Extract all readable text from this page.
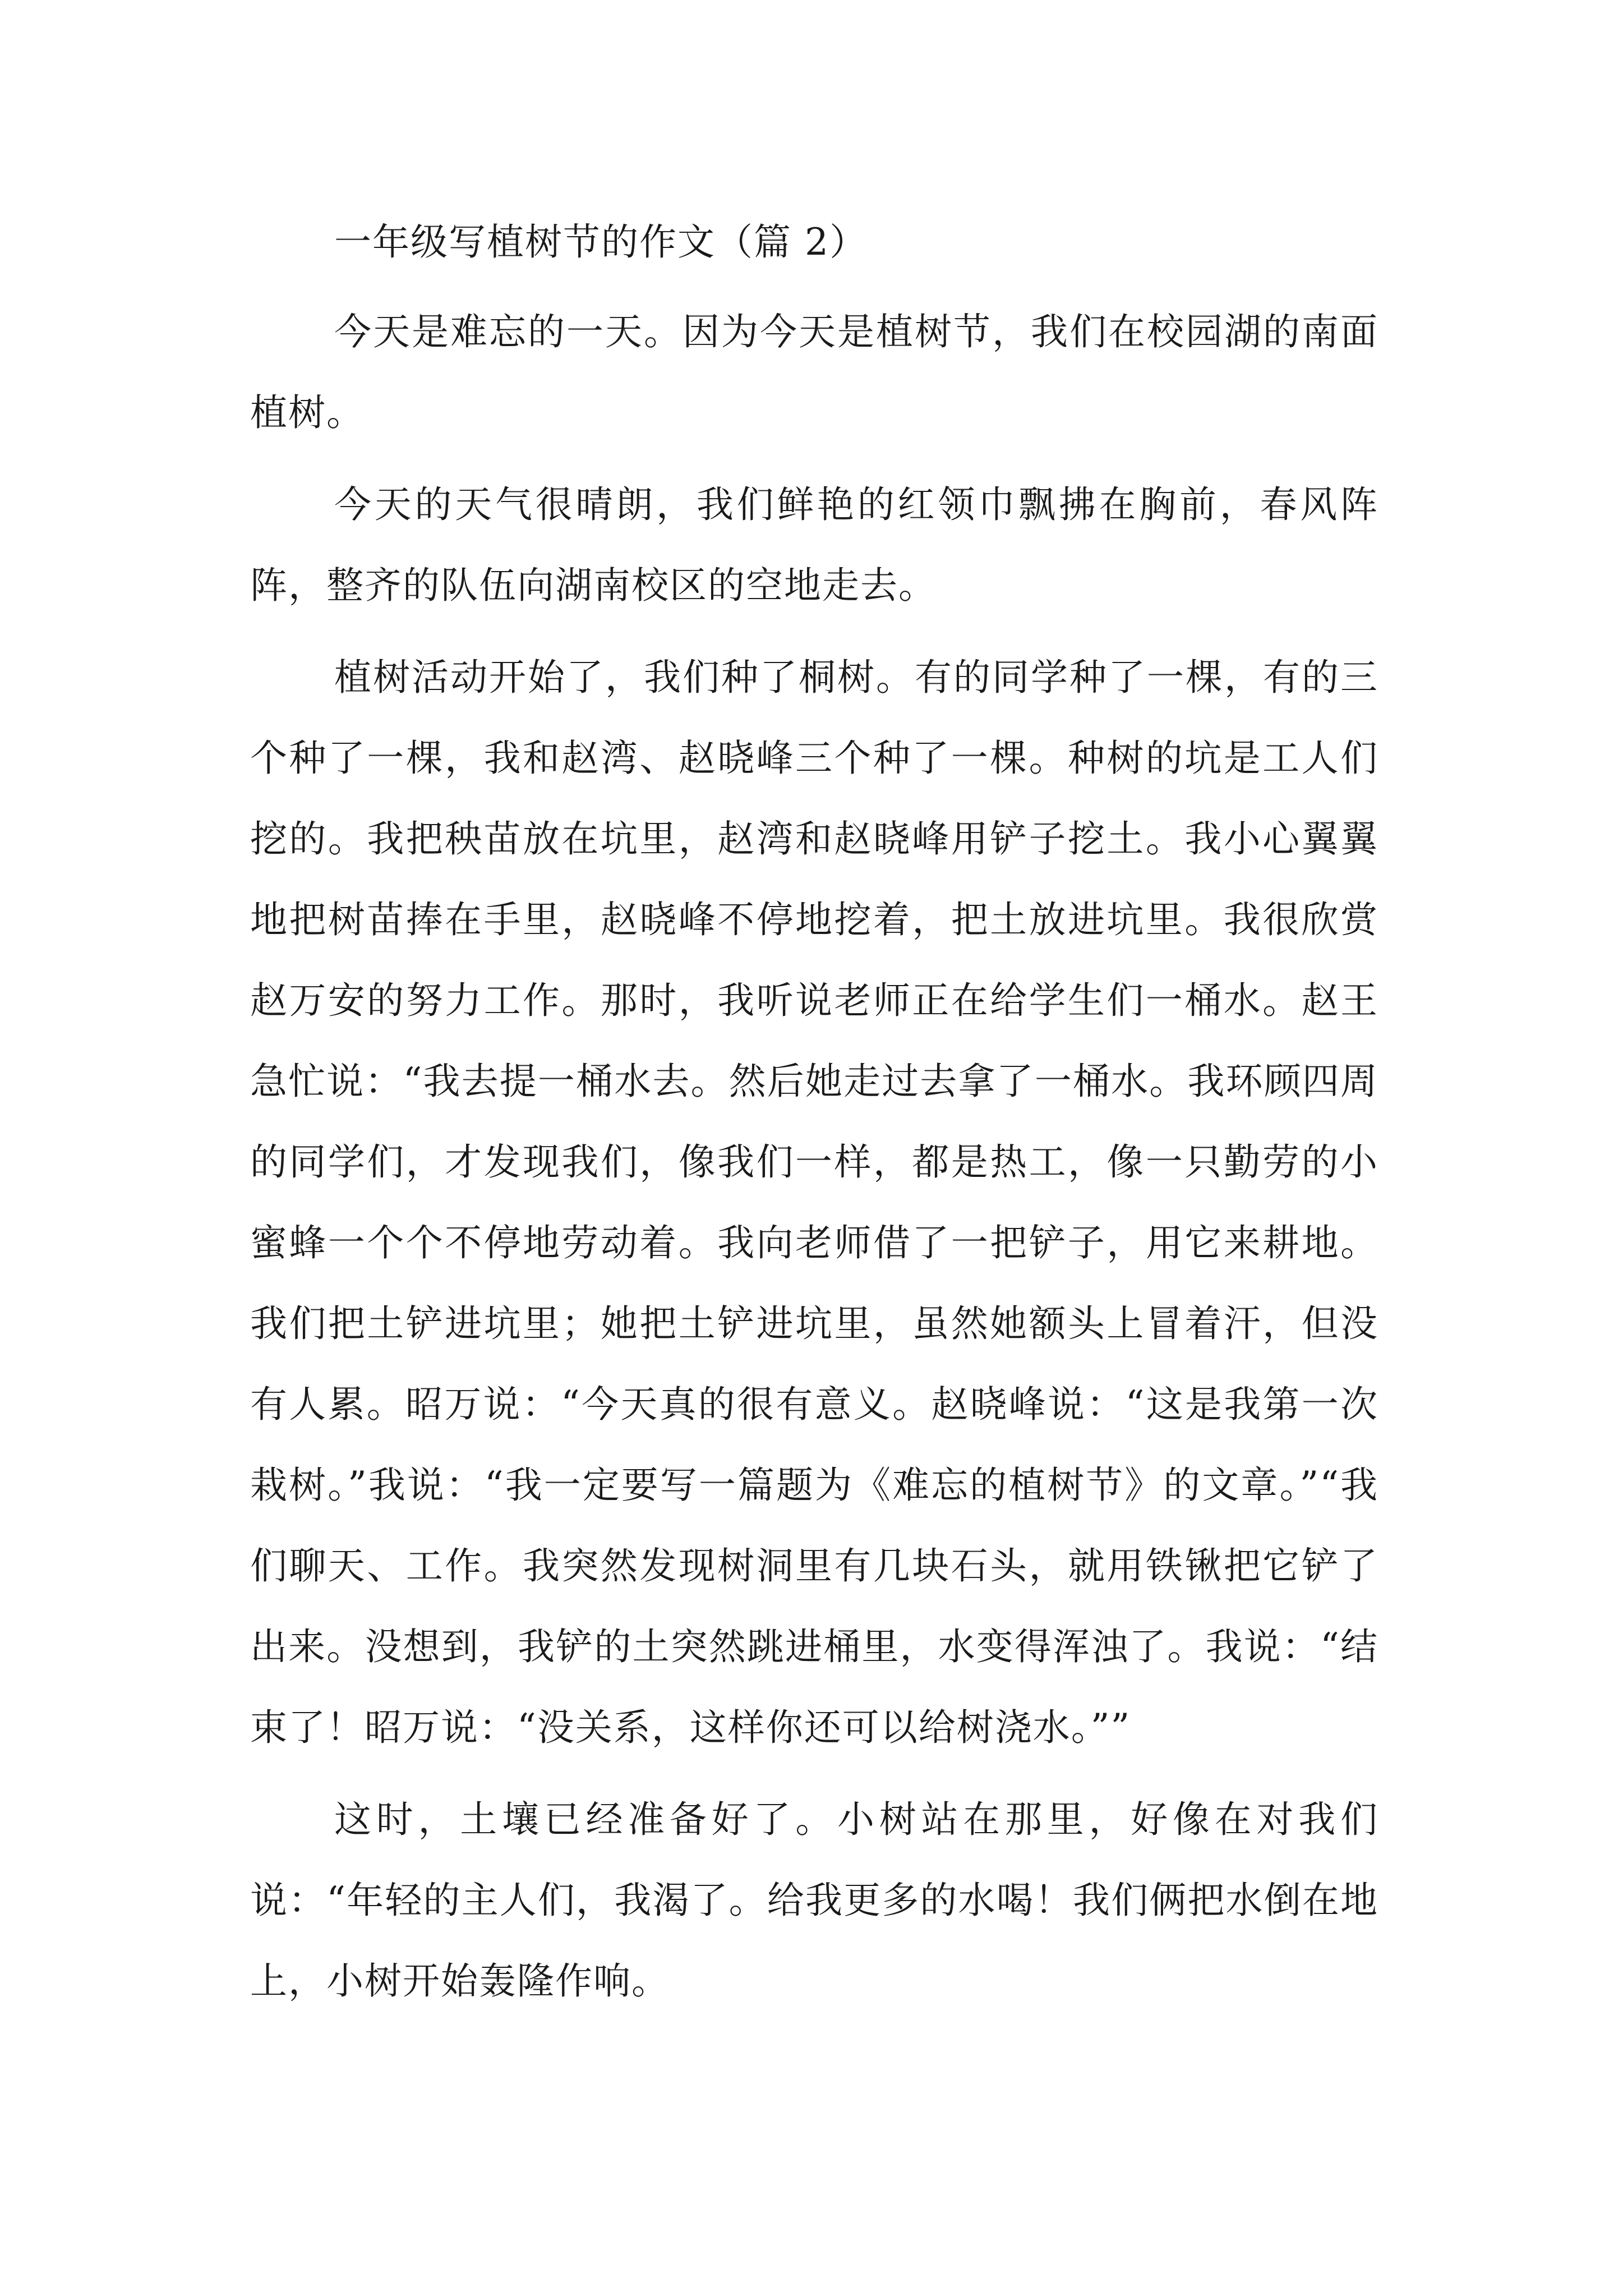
一年级写植树节的作文（篇 2）

今天是难忘的一天。因为今天是植树节，我们在校园湖的南面植树。

今天的天气很晴朗，我们鲜艳的红领巾飘拂在胸前，春风阵阵，整齐的队伍向湖南校区的空地走去。

植树活动开始了，我们种了桐树。有的同学种了一棵，有的三个种了一棵，我和赵湾、赵晓峰三个种了一棵。种树的坑是工人们挖的。我把秧苗放在坑里，赵湾和赵晓峰用铲子挖土。我小心翼翼地把树苗捧在手里，赵晓峰不停地挖着，把土放进坑里。我很欣赏赵万安的努力工作。那时，我听说老师正在给学生们一桶水。赵王急忙说：“我去提一桶水去。然后她走过去拿了一桶水。我环顾四周的同学们，才发现我们，像我们一样，都是热工，像一只勤劳的小蜜蜂一个个不停地劳动着。我向老师借了一把铲子，用它来耕地。我们把土铲进坑里；她把土铲进坑里，虽然她额头上冒着汗，但没有人累。昭万说：“今天真的很有意义。赵晓峰说：“这是我第一次栽树。”我说：“我一定要写一篇题为《难忘的植树节》的文章。”“我们聊天、工作。我突然发现树洞里有几块石头，就用铁锹把它铲了出来。没想到，我铲的土突然跳进桶里，水变得浑浊了。我说：“结束了！昭万说：“没关系，这样你还可以给树浇水。””

这时，土壤已经准备好了。小树站在那里，好像在对我们说：“年轻的主人们，我渴了。给我更多的水喝！我们俩把水倒在地上，小树开始轰隆作响。
